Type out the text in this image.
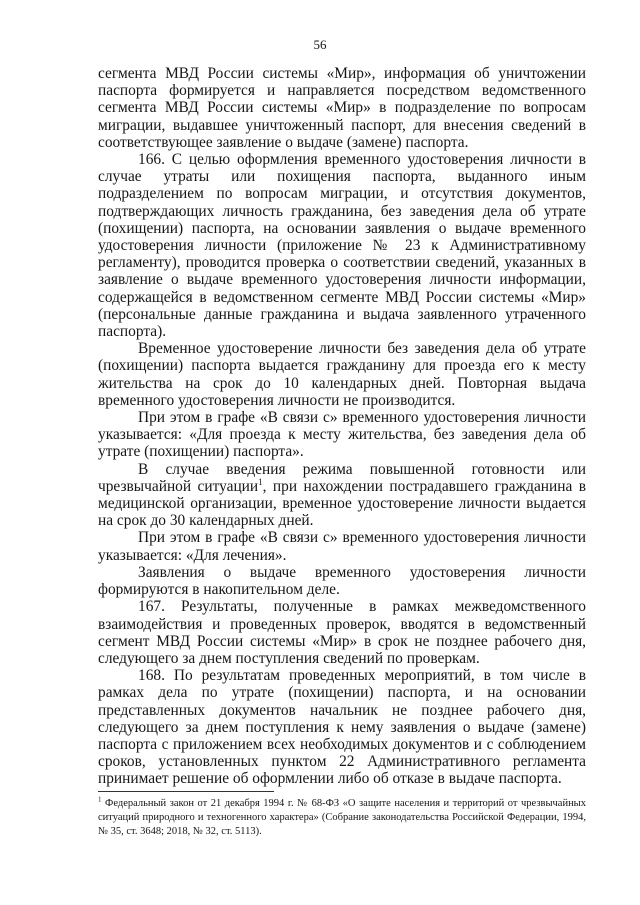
56

сегмента МВД России системы «Мир», информация об уничтожении паспорта формируется и направляется посредством ведомственного сегмента МВД России системы «Мир» в подразделение по вопросам миграции, выдавшее уничтоженный паспорт, для внесения сведений в соответствующее заявление о выдаче (замене) паспорта.

166. С целью оформления временного удостоверения личности в случае утраты или похищения паспорта, выданного иным подразделением по вопросам миграции, и отсутствия документов, подтверждающих личность гражданина, без заведения дела об утрате (похищении) паспорта, на основании заявления о выдаче временного удостоверения личности (приложение № 23 к Административному регламенту), проводится проверка о соответствии сведений, указанных в заявление о выдаче временного удостоверения личности информации, содержащейся в ведомственном сегменте МВД России системы «Мир» (персональные данные гражданина и выдача заявленного утраченного паспорта).

Временное удостоверение личности без заведения дела об утрате (похищении) паспорта выдается гражданину для проезда его к месту жительства на срок до 10 календарных дней. Повторная выдача временного удостоверения личности не производится.

При этом в графе «В связи с» временного удостоверения личности указывается: «Для проезда к месту жительства, без заведения дела об утрате (похищении) паспорта».

В случае введения режима повышенной готовности или чрезвычайной ситуации$^1$, при нахождении пострадавшего гражданина в медицинской организации, временное удостоверение личности выдается на срок до 30 календарных дней.

При этом в графе «В связи с» временного удостоверения личности указывается: «Для лечения».

Заявления о выдаче временного удостоверения личности формируются в накопительном деле.

167. Результаты, полученные в рамках межведомственного взаимодействия и проведенных проверок, вводятся в ведомственный сегмент МВД России системы «Мир» в срок не позднее рабочего дня, следующего за днем поступления сведений по проверкам.

168. По результатам проведенных мероприятий, в том числе в рамках дела по утрате (похищении) паспорта, и на основании представленных документов начальник не позднее рабочего дня, следующего за днем поступления к нему заявления о выдаче (замене) паспорта с приложением всех необходимых документов и с соблюдением сроков, установленных пунктом 22 Административного регламента принимает решение об оформлении либо об отказе в выдаче паспорта.

$^1$ Федеральный закон от 21 декабря 1994 г. № 68-ФЗ «О защите населения и территорий от чрезвычайных ситуаций природного и техногенного характера» (Собрание законодательства Российской Федерации, 1994, № 35, ст. 3648; 2018, № 32, ст. 5113).
